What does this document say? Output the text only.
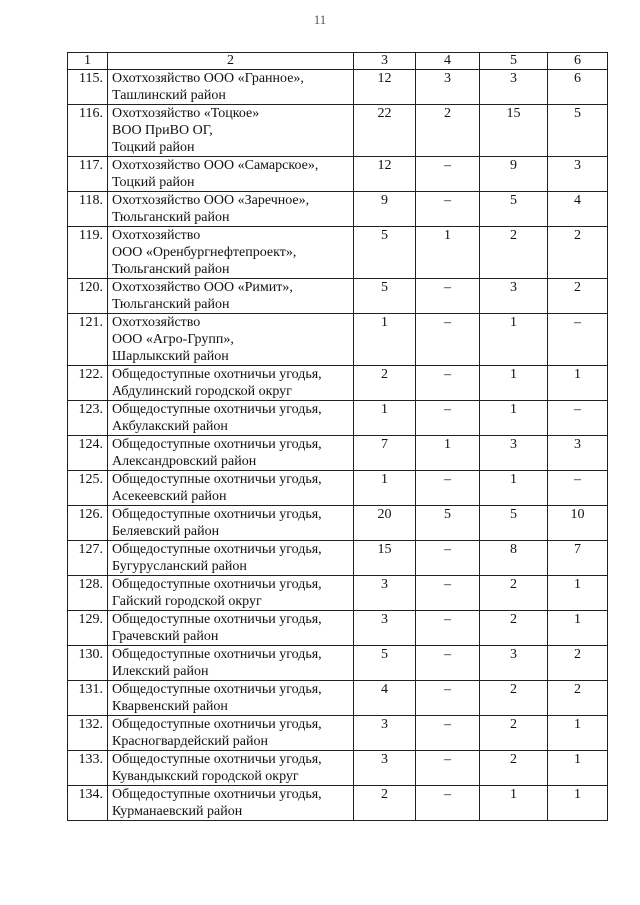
11
1	2	3	4	5	6
115.	Охотхозяйство ООО «Гранное»,
Ташлинский район	12	3	3	6
116.	Охотхозяйство «Тоцкое»
ВОО ПриВО ОГ,
Тоцкий район	22	2	15	5
117.	Охотхозяйство ООО «Самарское»,
Тоцкий район	12	–	9	3
118.	Охотхозяйство ООО «Заречное»,
Тюльганский район	9	–	5	4
119.	Охотхозяйство
ООО «Оренбургнефтепроект»,
Тюльганский район	5	1	2	2
120.	Охотхозяйство ООО «Римит»,
Тюльганский район	5	–	3	2
121.	Охотхозяйство
ООО «Агро-Групп»,
Шарлыкский район	1	–	1	–
122.	Общедоступные охотничьи угодья,
Абдулинский городской округ	2	–	1	1
123.	Общедоступные охотничьи угодья,
Акбулакский район	1	–	1	–
124.	Общедоступные охотничьи угодья,
Александровский район	7	1	3	3
125.	Общедоступные охотничьи угодья,
Асекеевский район	1	–	1	–
126.	Общедоступные охотничьи угодья,
Беляевский район	20	5	5	10
127.	Общедоступные охотничьи угодья,
Бугурусланский район	15	–	8	7
128.	Общедоступные охотничьи угодья,
Гайский городской округ	3	–	2	1
129.	Общедоступные охотничьи угодья,
Грачевский район	3	–	2	1
130.	Общедоступные охотничьи угодья,
Илекский район	5	–	3	2
131.	Общедоступные охотничьи угодья,
Кварвенский район	4	–	2	2
132.	Общедоступные охотничьи угодья,
Красногвардейский район	3	–	2	1
133.	Общедоступные охотничьи угодья,
Кувандыкский городской округ	3	–	2	1
134.	Общедоступные охотничьи угодья,
Курманаевский район	2	–	1	1
